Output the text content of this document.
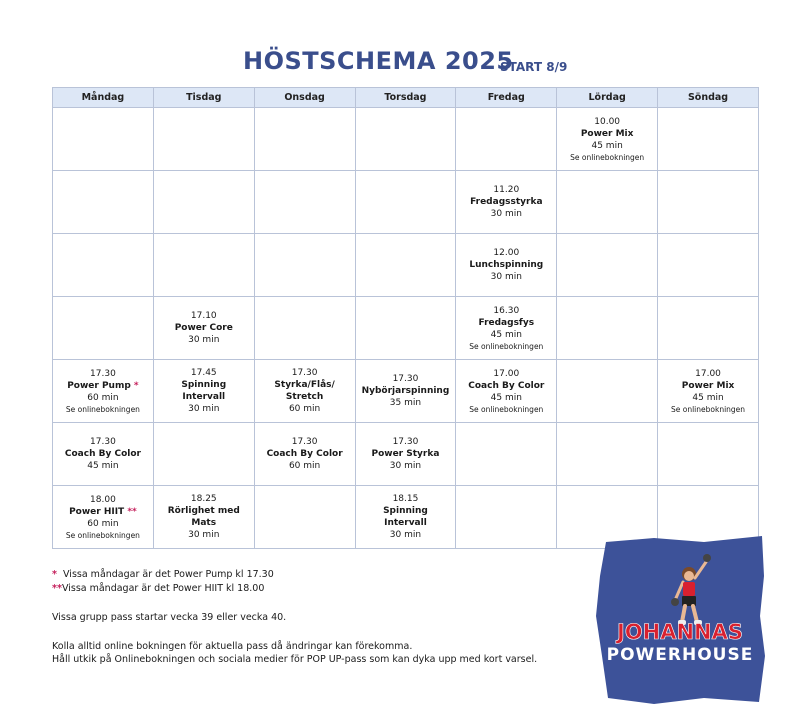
HÖSTSCHEMA 2025
START 8/9
Måndag	Tisdag	Onsdag	Torsdag	Fredag	Lördag	Söndag

					10.00
Power Mix
45 min
Se onlinebokningen	

				11.20
Fredagsstyrka
30 min		

				12.00
Lunchspinning
30 min		

	17.10
Power Core
30 min			16.30
Fredagsfys
45 min
Se onlinebokningen		

17.30
Power Pump *
60 min
Se onlinebokningen	17.45
Spinning Intervall
30 min	17.30
Styrka/Flås/ Stretch
60 min	17.30
Nybörjarspinning
35 min	17.00
Coach By Color
45 min
Se onlinebokningen		17.00
Power Mix
45 min
Se onlinebokningen

17.30
Coach By Color
45 min		17.30
Coach By Color
60 min	17.30
Power Styrka
30 min			

18.00
Power HIIT **
60 min
Se onlinebokningen	18.25
Rörlighet med Mats
30 min		18.15
Spinning Intervall
30 min			

* Vissa måndagar är det Power Pump kl 17.30
**Vissa måndagar är det Power HIIT kl 18.00
Vissa grupp pass startar vecka 39 eller vecka 40.
Kolla alltid online bokningen för aktuella pass då ändringar kan förekomma.
Håll utkik på Onlinebokningen och sociala medier för POP UP-pass som kan dyka upp med kort varsel.
JOHANNAS
POWERHOUSE
